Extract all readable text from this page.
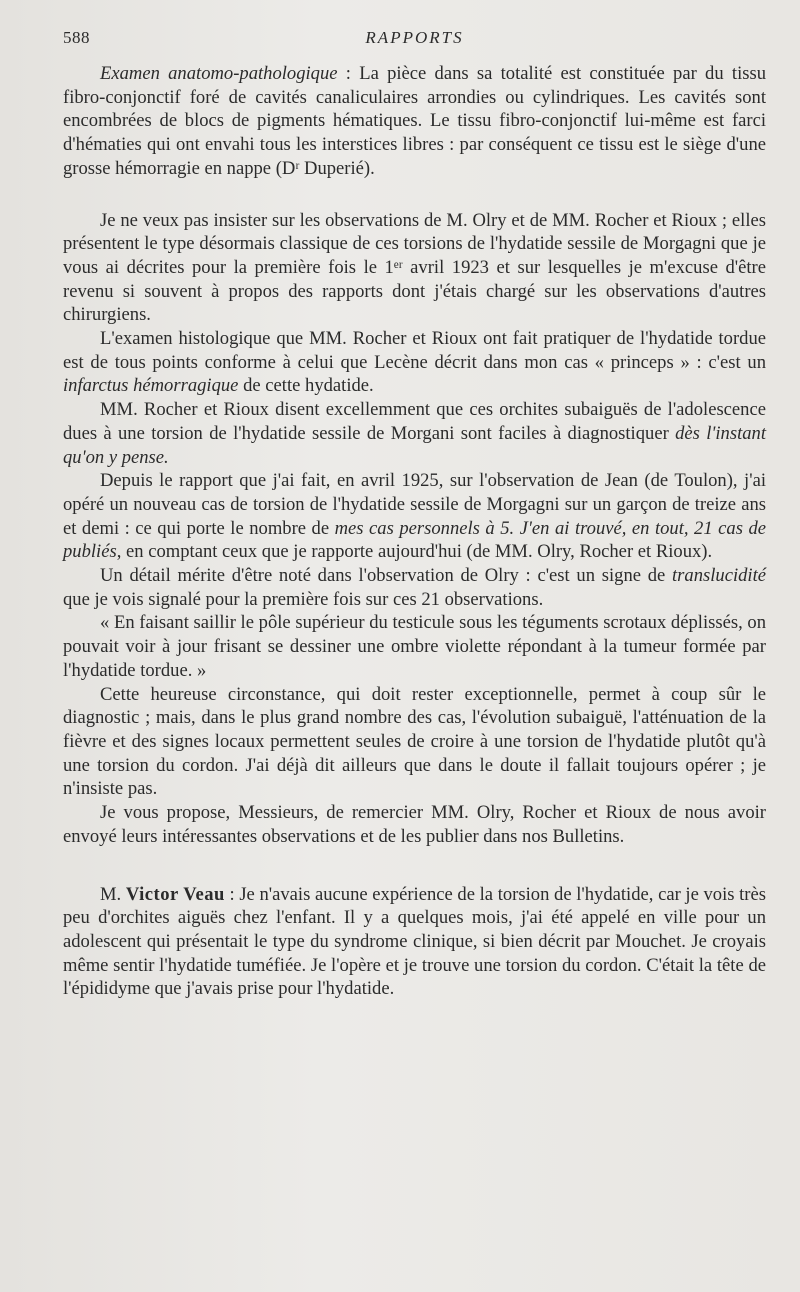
588	RAPPORTS

Examen anatomo-pathologique : La pièce dans sa totalité est constituée par du tissu fibro-conjonctif foré de cavités canaliculaires arrondies ou cylindriques. Les cavités sont encombrées de blocs de pigments hématiques. Le tissu fibro-conjonctif lui-même est farci d'hématies qui ont envahi tous les interstices libres : par conséquent ce tissu est le siège d'une grosse hémorragie en nappe (Dʳ Duperié).

Je ne veux pas insister sur les observations de M. Olry et de MM. Rocher et Rioux ; elles présentent le type désormais classique de ces torsions de l'hydatide sessile de Morgagni que je vous ai décrites pour la première fois le 1ᵉʳ avril 1923 et sur lesquelles je m'excuse d'être revenu si souvent à propos des rapports dont j'étais chargé sur les observations d'autres chirurgiens.

L'examen histologique que MM. Rocher et Rioux ont fait pratiquer de l'hydatide tordue est de tous points conforme à celui que Lecène décrit dans mon cas « princeps » : c'est un infarctus hémorragique de cette hydatide.

MM. Rocher et Rioux disent excellemment que ces orchites subaiguës de l'adolescence dues à une torsion de l'hydatide sessile de Morgani sont faciles à diagnostiquer dès l'instant qu'on y pense.

Depuis le rapport que j'ai fait, en avril 1925, sur l'observation de Jean (de Toulon), j'ai opéré un nouveau cas de torsion de l'hydatide sessile de Morgagni sur un garçon de treize ans et demi : ce qui porte le nombre de mes cas personnels à 5. J'en ai trouvé, en tout, 21 cas de publiés, en comptant ceux que je rapporte aujourd'hui (de MM. Olry, Rocher et Rioux).

Un détail mérite d'être noté dans l'observation de Olry : c'est un signe de translucidité que je vois signalé pour la première fois sur ces 21 observations.

« En faisant saillir le pôle supérieur du testicule sous les téguments scrotaux déplissés, on pouvait voir à jour frisant se dessiner une ombre violette répondant à la tumeur formée par l'hydatide tordue. »

Cette heureuse circonstance, qui doit rester exceptionnelle, permet à coup sûr le diagnostic ; mais, dans le plus grand nombre des cas, l'évolution subaiguë, l'atténuation de la fièvre et des signes locaux permettent seules de croire à une torsion de l'hydatide plutôt qu'à une torsion du cordon. J'ai déjà dit ailleurs que dans le doute il fallait toujours opérer ; je n'insiste pas.

Je vous propose, Messieurs, de remercier MM. Olry, Rocher et Rioux de nous avoir envoyé leurs intéressantes observations et de les publier dans nos Bulletins.

M. Victor Veau : Je n'avais aucune expérience de la torsion de l'hydatide, car je vois très peu d'orchites aiguës chez l'enfant. Il y a quelques mois, j'ai été appelé en ville pour un adolescent qui présentait le type du syndrome clinique, si bien décrit par Mouchet. Je croyais même sentir l'hydatide tuméfiée. Je l'opère et je trouve une torsion du cordon. C'était la tête de l'épididyme que j'avais prise pour l'hydatide.
